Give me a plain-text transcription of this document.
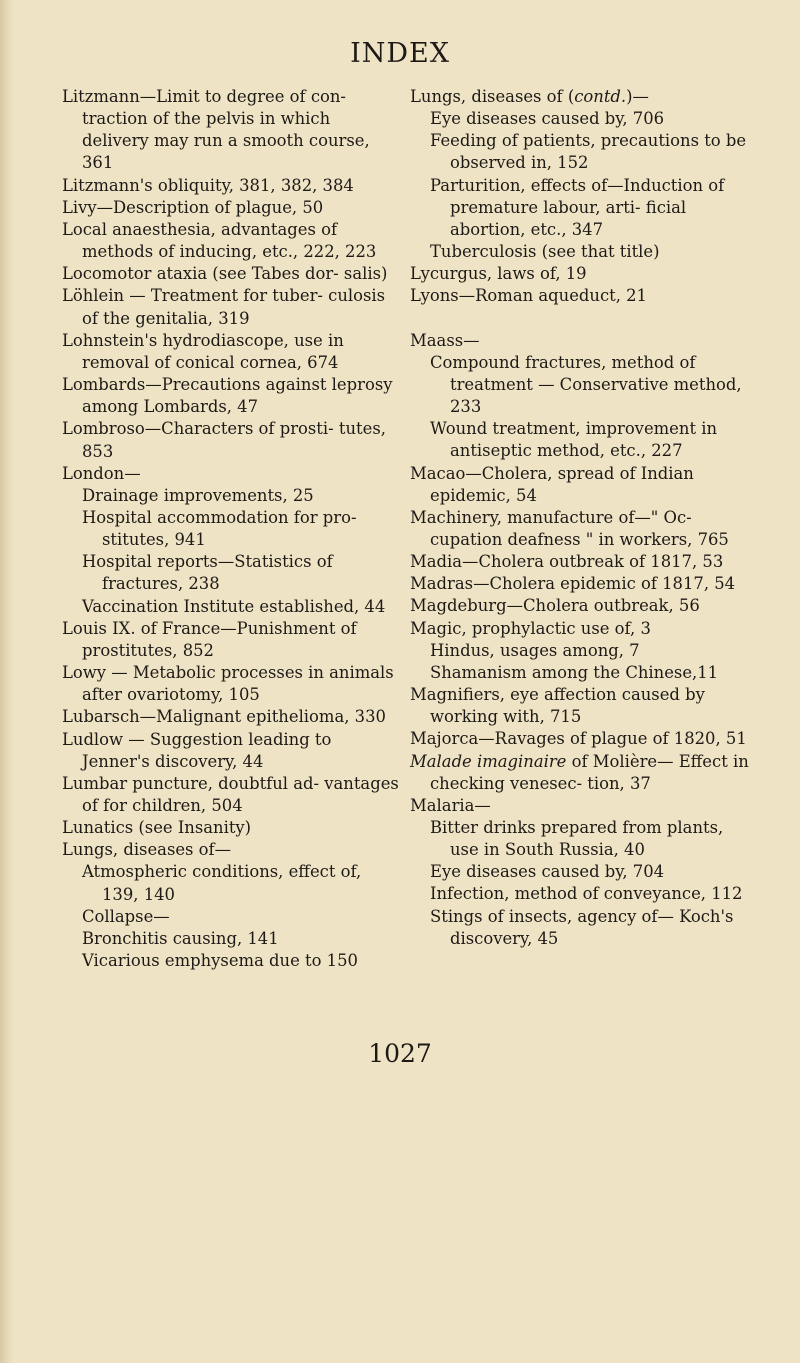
INDEX
Litzmann—Limit to degree of con- traction of the pelvis in which delivery may run a smooth course, 361
Litzmann's obliquity, 381, 382, 384
Livy—Description of plague, 50
Local anaesthesia, advantages of methods of inducing, etc., 222, 223
Locomotor ataxia (see Tabes dor- salis)
Löhlein — Treatment for tuber- culosis of the genitalia, 319
Lohnstein's hydrodiascope, use in removal of conical cornea, 674
Lombards—Precautions against leprosy among Lombards, 47
Lombroso—Characters of prosti- tutes, 853
London—
Drainage improvements, 25
Hospital accommodation for pro- stitutes, 941
Hospital reports—Statistics of fractures, 238
Vaccination Institute established, 44
Louis IX. of France—Punishment of prostitutes, 852
Lowy — Metabolic processes in animals after ovariotomy, 105
Lubarsch—Malignant epithelioma, 330
Ludlow — Suggestion leading to Jenner's discovery, 44
Lumbar puncture, doubtful ad- vantages of for children, 504
Lunatics (see Insanity)
Lungs, diseases of—
Atmospheric conditions, effect of, 139, 140
Collapse—
Bronchitis causing, 141
Vicarious emphysema due to 150
Lungs, diseases of (contd.)—
Eye diseases caused by, 706
Feeding of patients, precautions to be observed in, 152
Parturition, effects of—Induction of premature labour, arti- ficial abortion, etc., 347
Tuberculosis (see that title)
Lycurgus, laws of, 19
Lyons—Roman aqueduct, 21
Maass—
Compound fractures, method of treatment — Conservative method, 233
Wound treatment, improvement in antiseptic method, etc., 227
Macao—Cholera, spread of Indian epidemic, 54
Machinery, manufacture of—" Oc- cupation deafness " in workers, 765
Madia—Cholera outbreak of 1817, 53
Madras—Cholera epidemic of 1817, 54
Magdeburg—Cholera outbreak, 56
Magic, prophylactic use of, 3
Hindus, usages among, 7
Shamanism among the Chinese,11
Magnifiers, eye affection caused by working with, 715
Majorca—Ravages of plague of 1820, 51
Malade imaginaire of Molière— Effect in checking venesec- tion, 37
Malaria—
Bitter drinks prepared from plants, use in South Russia, 40
Eye diseases caused by, 704
Infection, method of conveyance, 112
Stings of insects, agency of— Koch's discovery, 45
1027
